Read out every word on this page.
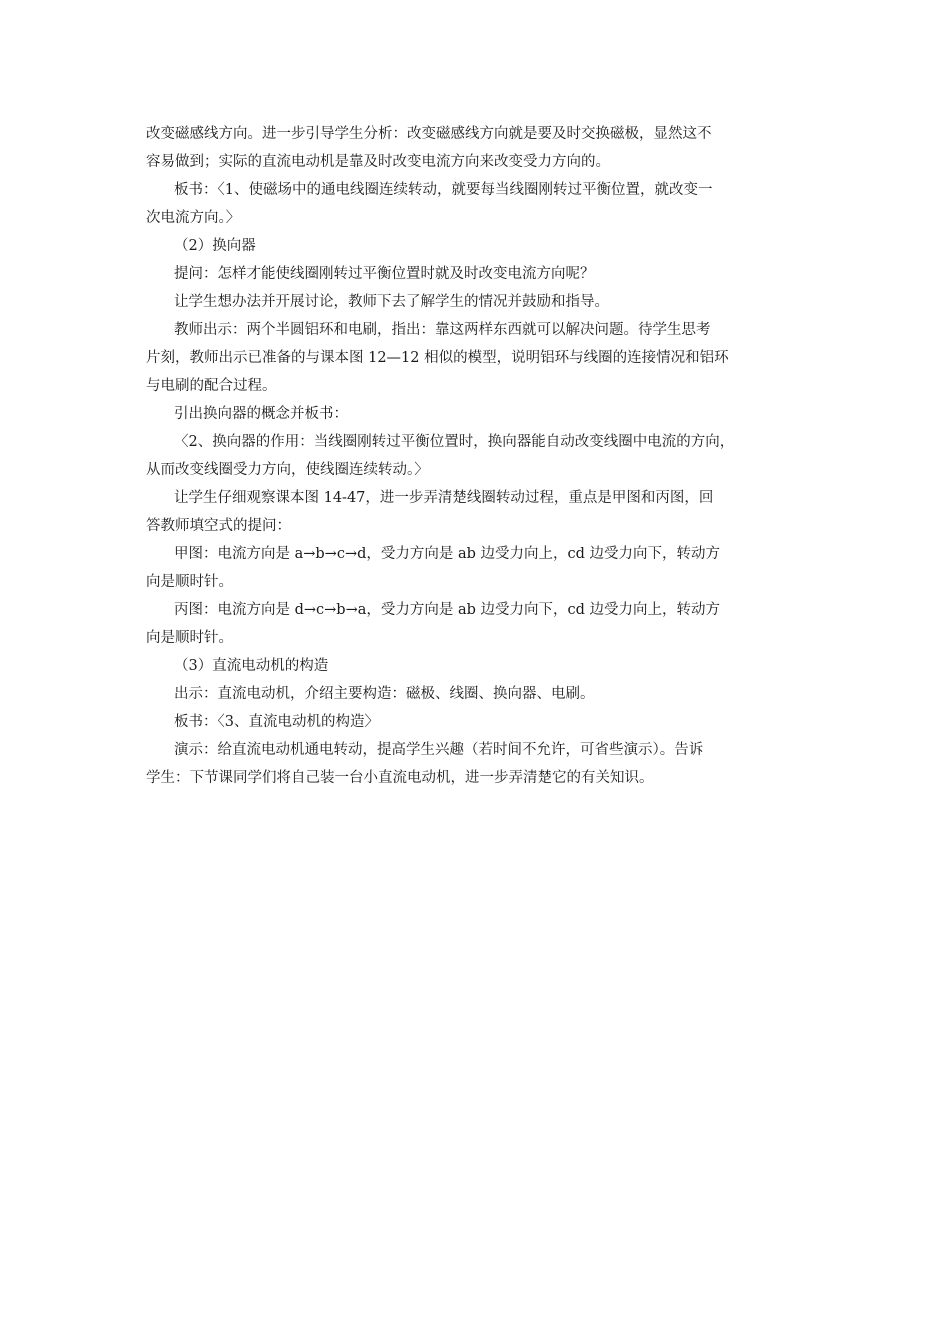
改变磁感线方向。进一步引导学生分析：改变磁感线方向就是要及时交换磁极，显然这不
容易做到；实际的直流电动机是靠及时改变电流方向来改变受力方向的。
板书：〈1、使磁场中的通电线圈连续转动，就要每当线圈刚转过平衡位置，就改变一
次电流方向。〉
（2）换向器
提问：怎样才能使线圈刚转过平衡位置时就及时改变电流方向呢？
让学生想办法并开展讨论，教师下去了解学生的情况并鼓励和指导。
教师出示：两个半圆铝环和电刷，指出：靠这两样东西就可以解决问题。待学生思考
片刻，教师出示已准备的与课本图 12—12 相似的模型，说明铝环与线圈的连接情况和铝环
与电刷的配合过程。
引出换向器的概念并板书：
〈2、换向器的作用：当线圈刚转过平衡位置时，换向器能自动改变线圈中电流的方向，
从而改变线圈受力方向，使线圈连续转动。〉
让学生仔细观察课本图 14-47，进一步弄清楚线圈转动过程，重点是甲图和丙图，回
答教师填空式的提问：
甲图：电流方向是 a→b→c→d，受力方向是 ab 边受力向上，cd 边受力向下，转动方
向是顺时针。
丙图：电流方向是 d→c→b→a，受力方向是 ab 边受力向下，cd 边受力向上，转动方
向是顺时针。
（3）直流电动机的构造
出示：直流电动机，介绍主要构造：磁极、线圈、换向器、电刷。
板书：〈3、直流电动机的构造〉
演示：给直流电动机通电转动，提高学生兴趣（若时间不允许，可省些演示）。告诉
学生：下节课同学们将自己装一台小直流电动机，进一步弄清楚它的有关知识。
